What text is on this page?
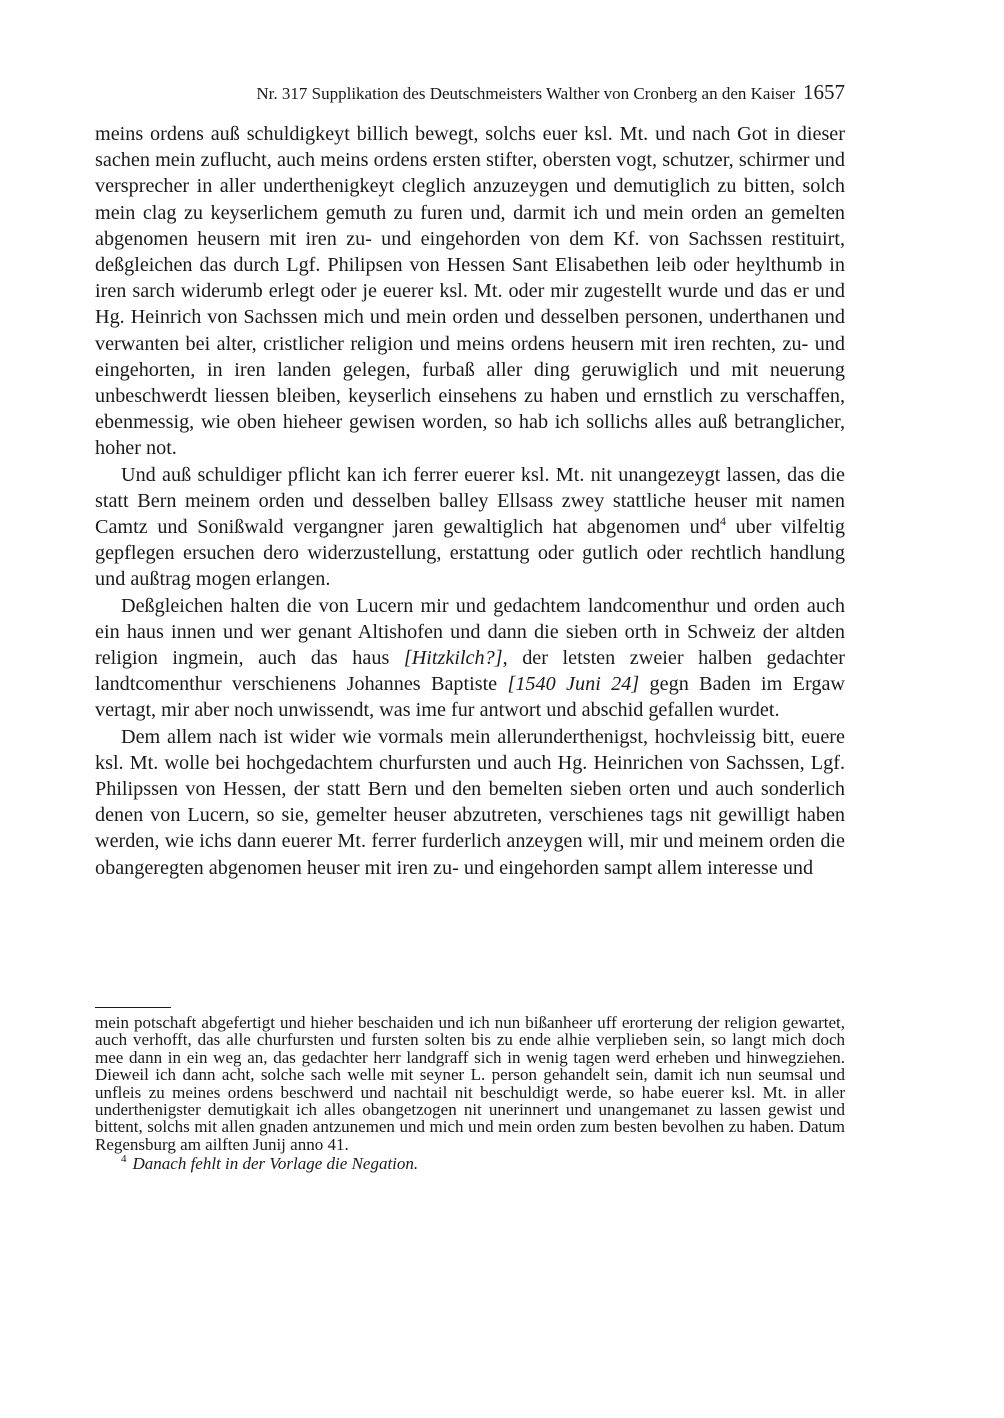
Nr. 317 Supplikation des Deutschmeisters Walther von Cronberg an den Kaiser 1657

meins ordens auß schuldigkeyt billich bewegt, solchs euer ksl. Mt. und nach Got in dieser sachen mein zuflucht, auch meins ordens ersten stifter, obersten vogt, schutzer, schirmer und versprecher in aller underthenigkeyt cleglich anzuzeygen und demutiglich zu bitten, solch mein clag zu keyserlichem gemuth zu furen und, darmit ich und mein orden an gemelten abgenomen heusern mit iren zu- und eingehorden von dem Kf. von Sachssen restituirt, deßgleichen das durch Lgf. Philipsen von Hessen Sant Elisabethen leib oder heylthumb in iren sarch widerumb erlegt oder je euerer ksl. Mt. oder mir zugestellt wurde und das er und Hg. Heinrich von Sachssen mich und mein orden und desselben personen, underthanen und verwanten bei alter, cristlicher religion und meins ordens heusern mit iren rechten, zu- und eingehorten, in iren landen gelegen, furbaß aller ding geruwiglich und mit neuerung unbeschwerdt liessen bleiben, keyserlich einsehens zu haben und ernstlich zu verschaffen, ebenmessig, wie oben hieheer gewisen worden, so hab ich sollichs alles auß betranglicher, hoher not.

Und auß schuldiger pflicht kan ich ferrer euerer ksl. Mt. nit unangezeygt lassen, das die statt Bern meinem orden und desselben balley Ellsass zwey stattliche heuser mit namen Camtz und Sonißwald vergangner jaren gewaltiglich hat abgenomen und$^4$ uber vilfeltig gepflegen ersuchen dero widerzustellung, erstattung oder gutlich oder rechtlich handlung und außtrag mogen erlangen.

Deßgleichen halten die von Lucern mir und gedachtem landcomenthur und orden auch ein haus innen und wer genant Altishofen und dann die sieben orth in Schweiz der altden religion ingmein, auch das haus [Hitzkilch?], der letsten zweier halben gedachter landtcomenthur verschienens Johannes Baptiste [1540 Juni 24] gegn Baden im Ergaw vertagt, mir aber noch unwissendt, was ime fur antwort und abschid gefallen wurdet.

Dem allem nach ist wider wie vormals mein allerunderthenigst, hochvleissig bitt, euere ksl. Mt. wolle bei hochgedachtem churfursten und auch Hg. Heinrichen von Sachssen, Lgf. Philipssen von Hessen, der statt Bern und den bemelten sieben orten und auch sonderlich denen von Lucern, so sie, gemelter heuser abzutreten, verschienes tags nit gewilligt haben werden, wie ichs dann euerer Mt. ferrer furderlich anzeygen will, mir und meinem orden die obangeregten abgenomen heuser mit iren zu- und eingehorden sampt allem interesse und

mein potschaft abgefertigt und hieher beschaiden und ich nun bißanheer uff erorterung der religion gewartet, auch verhofft, das alle churfursten und fursten solten bis zu ende alhie verplieben sein, so langt mich doch mee dann in ein weg an, das gedachter herr landgraff sich in wenig tagen werd erheben und hinwegziehen. Dieweil ich dann acht, solche sach welle mit seyner L. person gehandelt sein, damit ich nun seumsal und unfleis zu meines ordens beschwerd und nachtail nit beschuldigt werde, so habe euerer ksl. Mt. in aller underthenigster demutigkait ich alles obangetzogen nit unerinnert und unangemanet zu lassen gewist und bittent, solchs mit allen gnaden antzunemen und mich und mein orden zum besten bevolhen zu haben. Datum Regensburg am ailften Junij anno 41.

$^4$ Danach fehlt in der Vorlage die Negation.
